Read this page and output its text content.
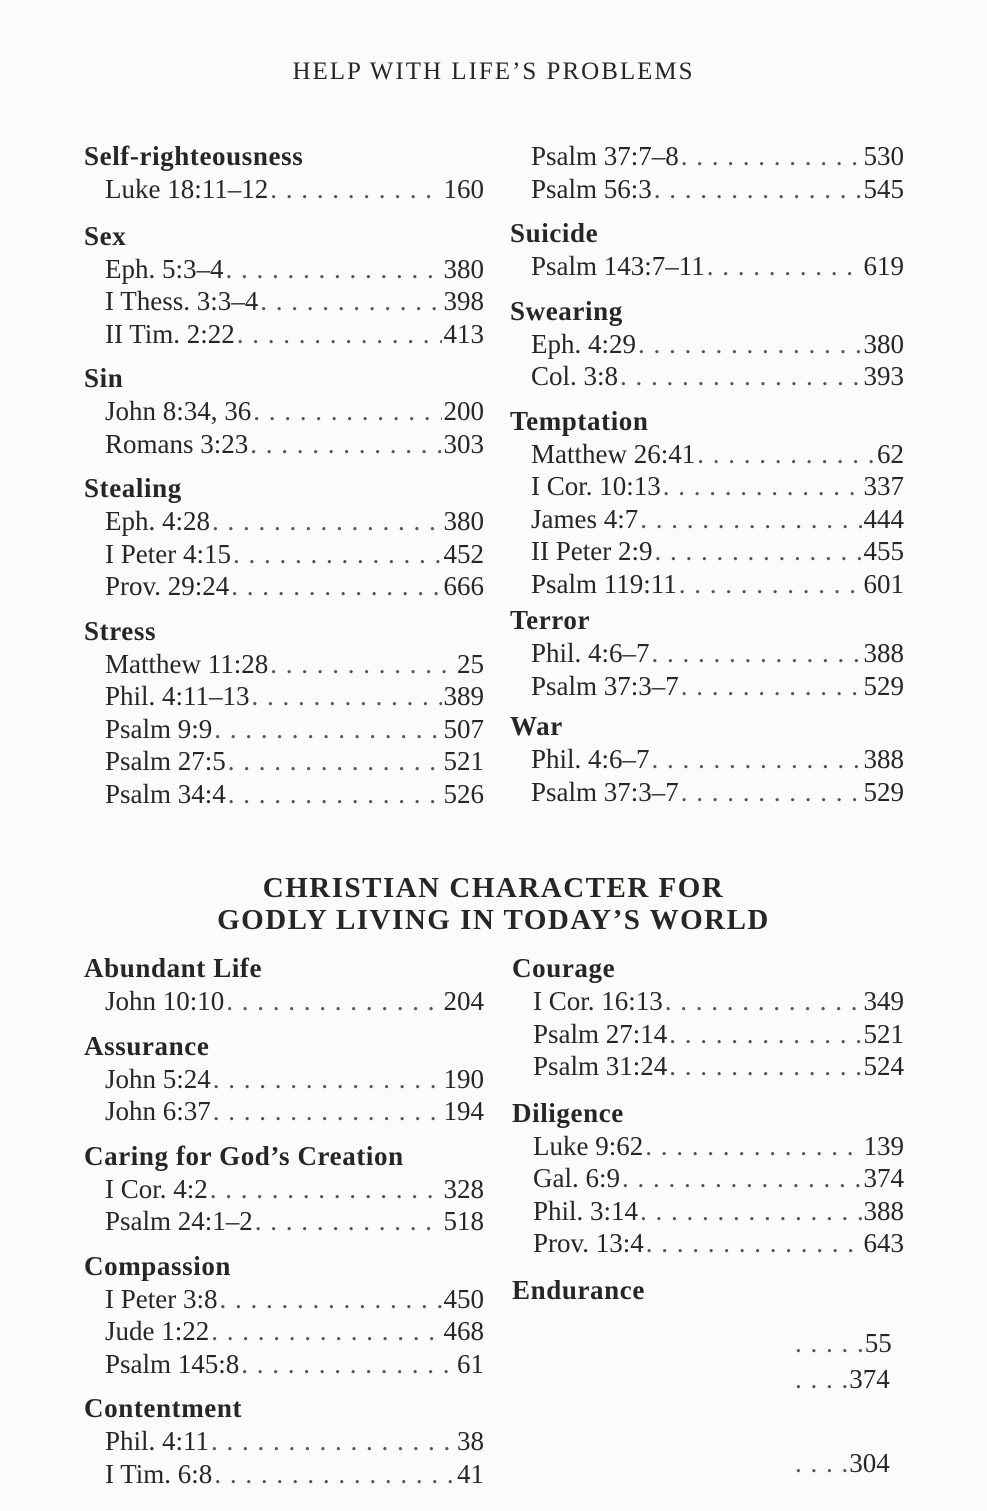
HELP WITH LIFE’S PROBLEMS
Self-righteousness
Luke 18:11–12 . . .	160
Sex
Eph. 5:3–4 . . .	380
I Thess. 3:3–4 . . .	398
II Tim. 2:22 . . .	413
Sin
John 8:34, 36 . . .	200
Romans 3:23 . . .	303
Stealing
Eph. 4:28 . . .	380
I Peter 4:15 . . .	452
Prov. 29:24 . . .	666
Stress
Matthew 11:28 . . .	25
Phil. 4:11–13 . . .	389
Psalm 9:9 . . .	507
Psalm 27:5 . . .	521
Psalm 34:4 . . .	526
Psalm 37:7–8 . . .	530
Psalm 56:3 . . .	545
Suicide
Psalm 143:7–11 . . .	619
Swearing
Eph. 4:29 . . .	380
Col. 3:8 . . .	393
Temptation
Matthew 26:41 . . .	62
I Cor. 10:13 . . .	337
James 4:7 . . .	444
II Peter 2:9 . . .	455
Psalm 119:11 . . .	601
Terror
Phil. 4:6–7 . . .	388
Psalm 37:3–7 . . .	529
War
Phil. 4:6–7 . . .	388
Psalm 37:3–7 . . .	529
CHRISTIAN CHARACTER FOR
GODLY LIVING IN TODAY’S WORLD
Abundant Life
John 10:10 . . .	204
Assurance
John 5:24 . . .	190
John 6:37 . . .	194
Caring for God’s Creation
I Cor. 4:2 . . .	328
Psalm 24:1–2 . . .	518
Compassion
I Peter 3:8 . . .	450
Jude 1:22 . . .	468
Psalm 145:8 . . .	61
Contentment
Phil. 4:11 . . .	38
I Tim. 6:8 . . .	41
Courage
I Cor. 16:13 . . .	349
Psalm 27:14 . . .	521
Psalm 31:24 . . .	524
Diligence
Luke 9:62 . . .	139
Gal. 6:9 . . .	374
Phil. 3:14 . . .	388
Prov. 13:4 . . .	643
Endurance
. . . . . 55
. . . . 374
. . . . 304
